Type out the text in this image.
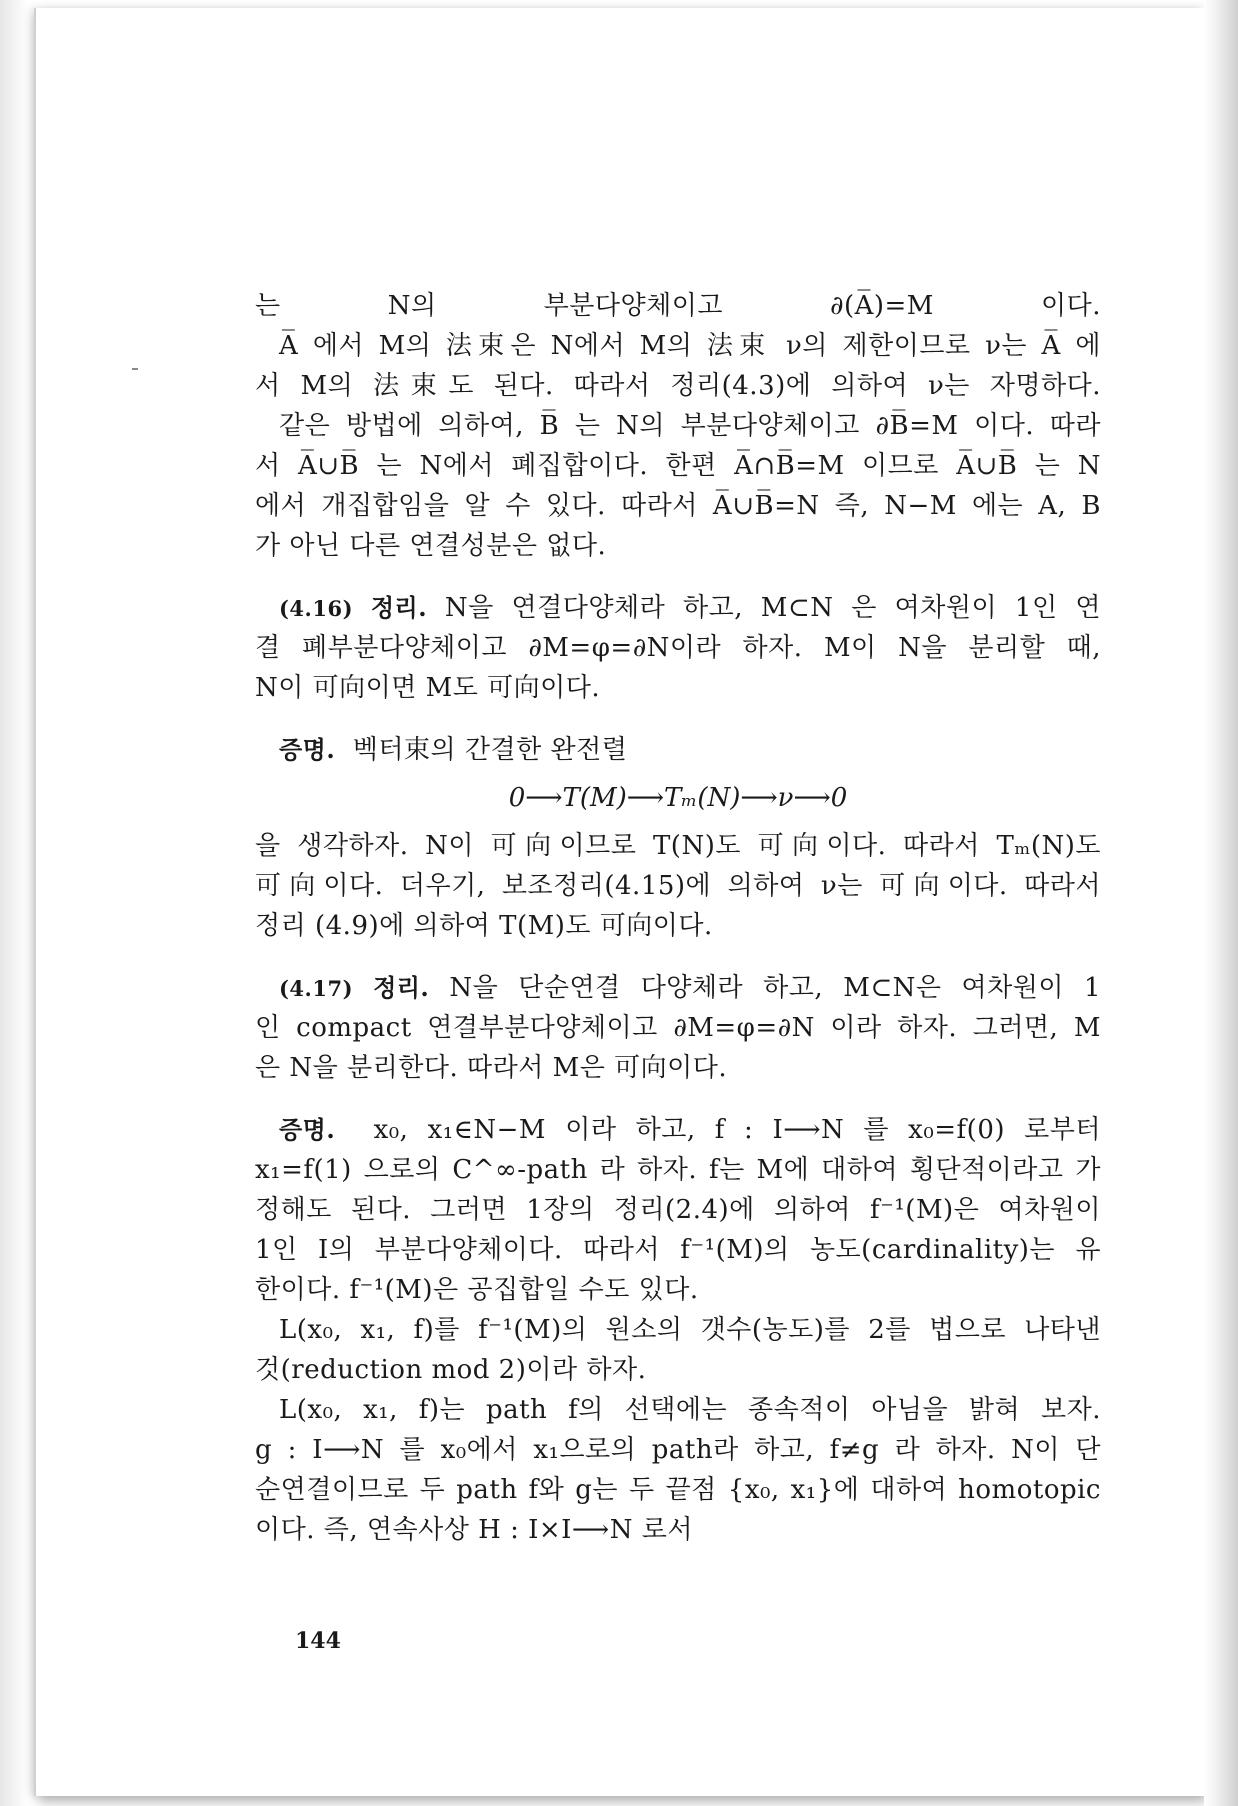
는 N의 부분다양체이고 ∂(A̅)=M 이다.
A̅ 에서 M의 法束은 N에서 M의 法束 ν의 제한이므로 ν는 A̅ 에
서 M의 法束도 된다. 따라서 정리(4.3)에 의하여 ν는 자명하다.
같은 방법에 의하여, B̅ 는 N의 부분다양체이고 ∂B̅=M 이다. 따라
서 A̅∪B̅ 는 N에서 폐집합이다. 한편 A̅∩B̅=M 이므로 A̅∪B̅ 는 N
에서 개집합임을 알 수 있다. 따라서 A̅∪B̅=N 즉, N−M 에는 A, B
가 아닌 다른 연결성분은 없다.
(4.16) 정리. N을 연결다양체라 하고, M⊂N 은 여차원이 1인 연
결 폐부분다양체이고 ∂M=φ=∂N이라 하자. M이 N을 분리할 때,
N이 可向이면 M도 可向이다.
증명. 벡터束의 간결한 완전렬
0⟶T(M)⟶Tₘ(N)⟶ν⟶0
을 생각하자. N이 可向이므로 T(N)도 可向이다. 따라서 Tₘ(N)도
可向이다. 더우기, 보조정리(4.15)에 의하여 ν는 可向이다. 따라서
정리 (4.9)에 의하여 T(M)도 可向이다.
(4.17) 정리. N을 단순연결 다양체라 하고, M⊂N은 여차원이 1
인 compact 연결부분다양체이고 ∂M=φ=∂N 이라 하자. 그러면, M
은 N을 분리한다. 따라서 M은 可向이다.
증명. x₀, x₁∈N−M 이라 하고, f : I⟶N 를 x₀=f(0) 로부터
x₁=f(1) 으로의 C^∞-path 라 하자. f는 M에 대하여 횡단적이라고 가
정해도 된다. 그러면 1장의 정리(2.4)에 의하여 f⁻¹(M)은 여차원이
1인 I의 부분다양체이다. 따라서 f⁻¹(M)의 농도(cardinality)는 유
한이다. f⁻¹(M)은 공집합일 수도 있다.
L(x₀, x₁, f)를 f⁻¹(M)의 원소의 갯수(농도)를 2를 법으로 나타낸
것(reduction mod 2)이라 하자.
L(x₀, x₁, f)는 path f의 선택에는 종속적이 아님을 밝혀 보자.
g : I⟶N 를 x₀에서 x₁으로의 path라 하고, f≠g 라 하자. N이 단
순연결이므로 두 path f와 g는 두 끝점 {x₀, x₁}에 대하여 homotopic
이다. 즉, 연속사상 H : I×I⟶N 로서
144
